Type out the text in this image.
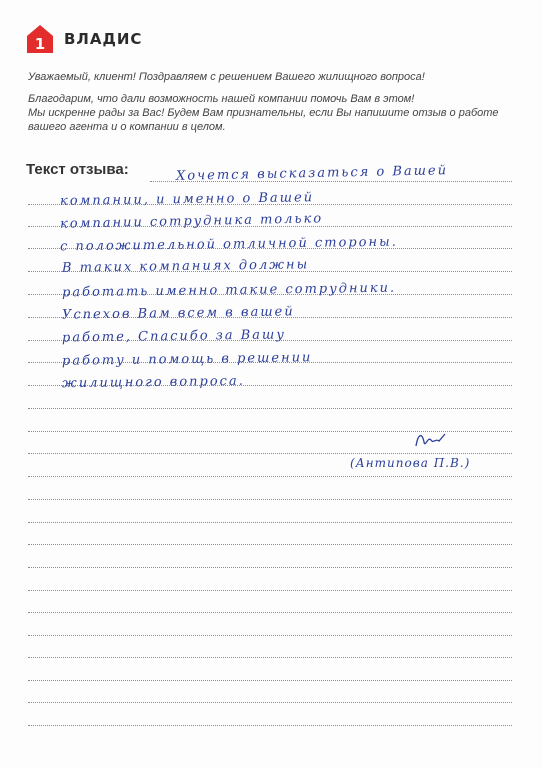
1 ВЛАДИС

Уважаемый, клиент! Поздравляем с решением Вашего жилищного вопроса!

Благодарим, что дали возможность нашей компании помочь Вам в этом!

Мы искренне рады за Вас! Будем Вам признательны, если Вы напишите отзыв о работе

вашего агента и о компании в целом.

Текст отзыва:	Хочется высказаться о Вашей
компании, и именно о Вашей
компании сотрудника только
с положительной отличной стороны.
В таких компаниях должны
работать именно такие сотрудники.
Успехов Вам всем в вашей
работе, Спасибо за Вашу
работу и помощь в решении
жилищного вопроса.
(Антипова П.В.)
